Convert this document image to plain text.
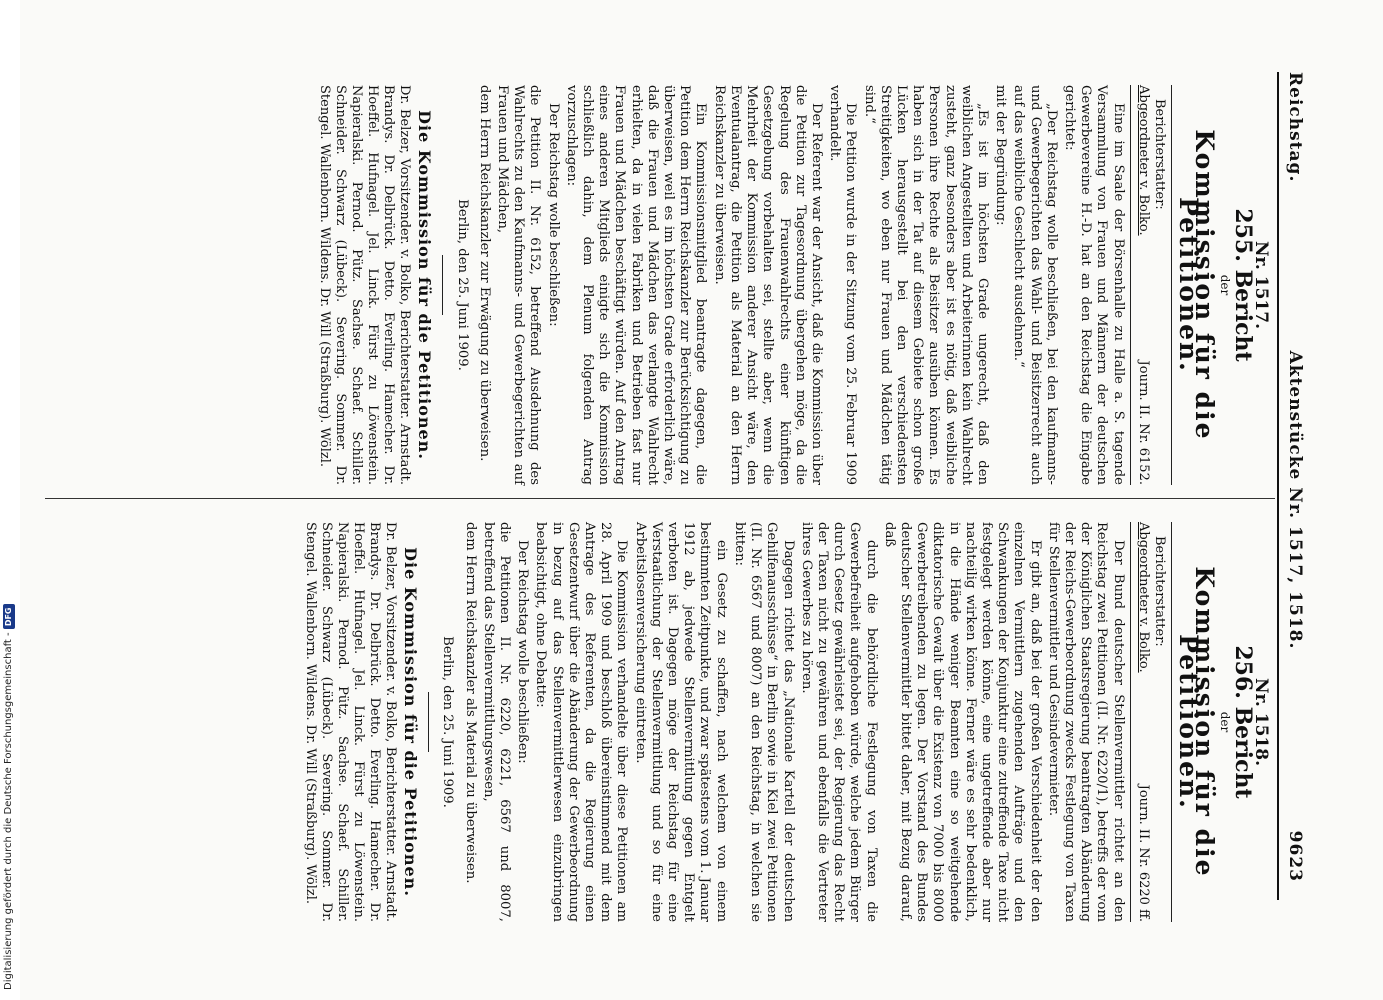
Reichstag.
Aktenstücke Nr. 1517, 1518.
9623
Nr. 1517.
255. Bericht
der
Kommission für die Petitionen.
Berichterstatter:
Abgeordneter v. Bolko.
Journ. II. Nr. 6152.

Eine im Saale der Börsenhalle zu Halle a. S. tagende Versammlung von Frauen und Männern der deutschen Gewerbevereine H.-D. hat an den Reichstag die Eingabe gerichtet:

„Der Reichstag wolle beschließen, bei den kaufmanns- und Gewerbegerichten das Wahl- und Beisitzerrecht auch auf das weibliche Geschlecht ausdehnen.“

mit der Begründung:

„Es ist im höchsten Grade ungerecht, daß den weiblichen Angestellten und Arbeiterinnen kein Wahlrecht zusteht, ganz besonders aber ist es nötig, daß weibliche Personen ihre Rechte als Beisitzer ausüben können. Es haben sich in der Tat auf diesem Gebiete schon große Lücken herausgestellt bei den verschiedensten Streitigkeiten, wo eben nur Frauen und Mädchen tätig sind.“

Die Petition wurde in der Sitzung vom 25. Februar 1909 verhandelt.

Der Referent war der Ansicht, daß die Kommission über die Petition zur Tagesordnung übergehen möge, da die Regelung des Frauenwahlrechts einer künftigen Gesetzgebung vorbehalten sei, stellte aber, wenn die Mehrheit der Kommission anderer Ansicht wäre, den Eventualantrag, die Petition als Material an den Herrn Reichskanzler zu überweisen.

Ein Kommissionsmitglied beantragte dagegen, die Petition dem Herrn Reichskanzler zur Berücksichtigung zu überweisen, weil es im höchsten Grade erforderlich wäre, daß die Frauen und Mädchen das verlangte Wahlrecht erhielten, da in vielen Fabriken und Betrieben fast nur Frauen und Mädchen beschäftigt würden. Auf den Antrag eines anderen Mitglieds einigte sich die Kommission schließlich dahin, dem Plenum folgenden Antrag vorzuschlagen:

Der Reichstag wolle beschließen:

die Petition II. Nr. 6152, betreffend Ausdehnung des Wahlrechts zu den Kaufmanns- und Gewerbegerichten auf Frauen und Mädchen,

dem Herrn Reichskanzler zur Erwägung zu überweisen.

Berlin, den 25. Juni 1909.
Die Kommission für die Petitionen.
Dr. Belzer, Vorsitzender. v. Bolko, Berichterstatter. Arnstadt. Brandys. Dr. Delbrück. Detto. Everling. Hamecher. Dr. Hoeffel. Hufnagel. Jel. Linck. Fürst zu Löwenstein. Napieralski. Pernod. Pütz. Sachse. Schaef. Schiller. Schneider. Schwarz (Lübeck). Severing. Sommer. Dr. Stengel. Wallenborn. Wildens. Dr. Will (Straßburg). Wölzl.
Nr. 1518.
256. Bericht
der
Kommission für die Petitionen.
Berichterstatter:
Abgeordneter v. Bolko.
Journ. II. Nr. 6220 ff.

Der Bund deutscher Stellenvermittler richtet an den Reichstag zwei Petitionen (II. Nr. 6220/1), betreffs der vom der Königlichen Staatsregierung beantragten Abänderung der Reichs-Gewerbeordnung zwecks Festlegung von Taxen für Stellenvermittler und Gesindevermieter.

Er gibt an, daß bei der großen Verschiedenheit der den einzelnen Vermittlern zugehenden Aufträge und den Schwankungen der Konjunktur eine zutreffende Taxe nicht festgelegt werden könne, eine ungetreffende aber nur nachteilig wirken könne. Ferner wäre es sehr bedenklich, in die Hände weniger Beamten eine so weitgehende diktatorische Gewalt über die Existenz von 7000 bis 8000 Gewerbetreibenden zu legen. Der Vorstand des Bundes deutscher Stellenvermittler bittet daher, mit Bezug darauf, daß

durch die behördliche Festlegung von Taxen die Gewerbefreiheit aufgehoben würde, welche jedem Bürger durch Gesetz gewährleistet sei, der Regierung das Recht der Taxen nicht zu gewähren und ebenfalls die Vertreter ihres Gewerbes zu hören.

Dagegen richtet das „Nationale Kartell der deutschen Gehilfenausschüsse“ in Berlin sowie in Kiel zwei Petitionen (II. Nr. 6567 und 8007) an den Reichstag, in welchen sie bitten:

ein Gesetz zu schaffen, nach welchem von einem bestimmten Zeitpunkte, und zwar spätestens vom 1. Januar 1912 ab, jedwede Stellenvermittlung gegen Entgelt verboten ist. Dagegen möge der Reichstag für eine Verstaatlichung der Stellenvermittlung und so für eine Arbeitslosenversicherung eintreten.

Die Kommission verhandelte über diese Petitionen am 28. April 1909 und beschloß übereinstimmend mit dem Antrage des Referenten, da die Regierung einen Gesetzentwurf über die Abänderung der Gewerbeordnung in bezug auf das Stellenvermittlerwesen einzubringen beabsichtigt, ohne Debatte:

Der Reichstag wolle beschließen:

die Petitionen II. Nr. 6220, 6221, 6567 und 8007, betreffend das Stellenvermittlungswesen,

dem Herrn Reichskanzler als Material zu überweisen.

Berlin, den 25. Juni 1909.
Die Kommission für die Petitionen.
Dr. Belzer, Vorsitzender. v. Bolko, Berichterstatter. Arnstadt. Brandys. Dr. Delbrück. Detto. Everling. Hamecher. Dr. Hoeffel. Hufnagel. Jel. Linck. Fürst zu Löwenstein. Napieralski. Pernod. Pütz. Sachse. Schaef. Schiller. Schneider. Schwarz (Lübeck). Severing. Sommer. Dr. Stengel. Wallenborn. Wildens. Dr. Will (Straßburg). Wölzl.
Digitalisierung gefördert durch die Deutsche Forschungsgemeinschaft - DFG
